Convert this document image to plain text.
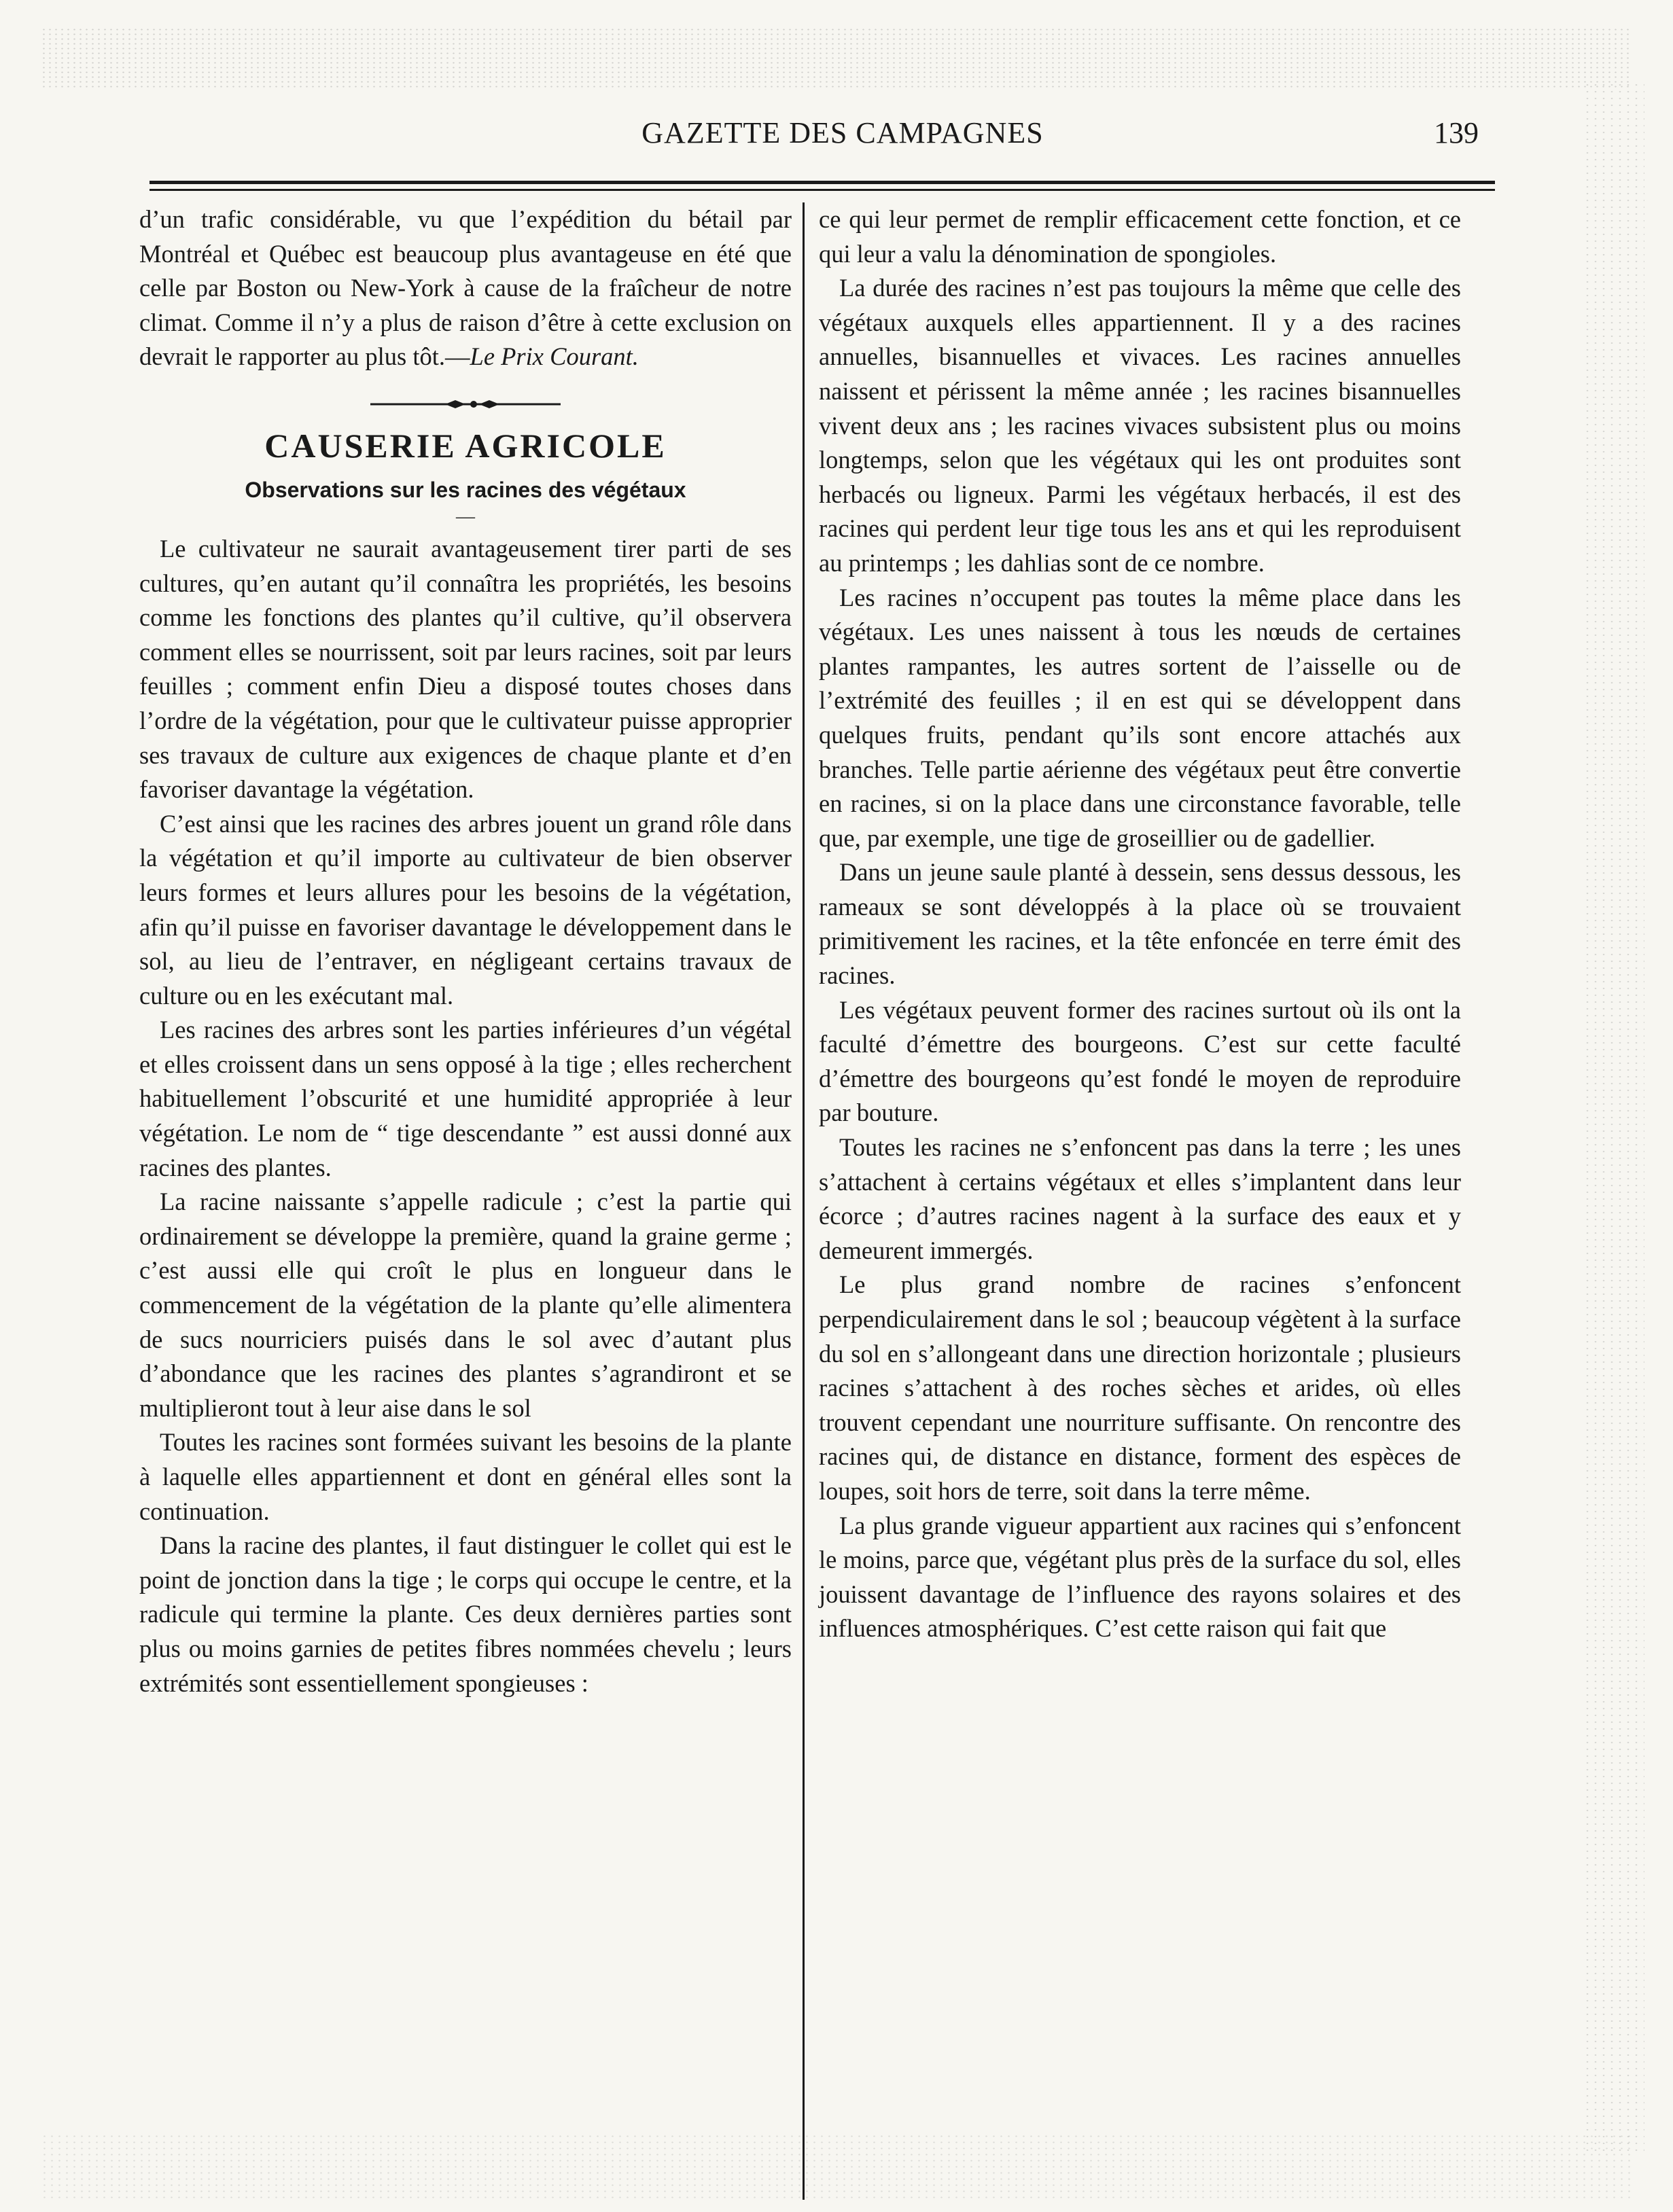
GAZETTE DES CAMPAGNES	139

d’un trafic considérable, vu que l’expédition du bétail par Montréal et Québec est beaucoup plus avantageuse en été que celle par Boston ou New-York à cause de la fraîcheur de notre climat. Comme il n’y a plus de raison d’être à cette exclusion on devrait le rapporter au plus tôt.—Le Prix Courant.

CAUSERIE AGRICOLE
Observations sur les racines des végétaux
—

Le cultivateur ne saurait avantageusement tirer parti de ses cultures, qu’en autant qu’il connaîtra les propriétés, les besoins comme les fonctions des plantes qu’il cultive, qu’il observera comment elles se nourrissent, soit par leurs racines, soit par leurs feuilles ; comment enfin Dieu a disposé toutes choses dans l’ordre de la végétation, pour que le cultivateur puisse approprier ses travaux de culture aux exigences de chaque plante et d’en favoriser davantage la végétation.

C’est ainsi que les racines des arbres jouent un grand rôle dans la végétation et qu’il importe au cultivateur de bien observer leurs formes et leurs allures pour les besoins de la végétation, afin qu’il puisse en favoriser davantage le développement dans le sol, au lieu de l’entraver, en négligeant certains travaux de culture ou en les exécutant mal.

Les racines des arbres sont les parties inférieures d’un végétal et elles croissent dans un sens opposé à la tige ; elles recherchent habituellement l’obscurité et une humidité appropriée à leur végétation. Le nom de “ tige descendante ” est aussi donné aux racines des plantes.

La racine naissante s’appelle radicule ; c’est la partie qui ordinairement se développe la première, quand la graine germe ; c’est aussi elle qui croît le plus en longueur dans le commencement de la végétation de la plante qu’elle alimentera de sucs nourriciers puisés dans le sol avec d’autant plus d’abondance que les racines des plantes s’agrandiront et se multiplieront tout à leur aise dans le sol

Toutes les racines sont formées suivant les besoins de la plante à laquelle elles appartiennent et dont en général elles sont la continuation.

Dans la racine des plantes, il faut distinguer le collet qui est le point de jonction dans la tige ; le corps qui occupe le centre, et la radicule qui termine la plante. Ces deux dernières parties sont plus ou moins garnies de petites fibres nommées chevelu ; leurs extrémités sont essentiellement spongieuses :

ce qui leur permet de remplir efficacement cette fonction, et ce qui leur a valu la dénomination de spongioles.

La durée des racines n’est pas toujours la même que celle des végétaux auxquels elles appartiennent. Il y a des racines annuelles, bisannuelles et vivaces. Les racines annuelles naissent et périssent la même année ; les racines bisannuelles vivent deux ans ; les racines vivaces subsistent plus ou moins longtemps, selon que les végétaux qui les ont produites sont herbacés ou ligneux. Parmi les végétaux herbacés, il est des racines qui perdent leur tige tous les ans et qui les reproduisent au printemps ; les dahlias sont de ce nombre.

Les racines n’occupent pas toutes la même place dans les végétaux. Les unes naissent à tous les nœuds de certaines plantes rampantes, les autres sortent de l’aisselle ou de l’extrémité des feuilles ; il en est qui se développent dans quelques fruits, pendant qu’ils sont encore attachés aux branches. Telle partie aérienne des végétaux peut être convertie en racines, si on la place dans une circonstance favorable, telle que, par exemple, une tige de groseillier ou de gadellier.

Dans un jeune saule planté à dessein, sens dessus dessous, les rameaux se sont développés à la place où se trouvaient primitivement les racines, et la tête enfoncée en terre émit des racines.

Les végétaux peuvent former des racines surtout où ils ont la faculté d’émettre des bourgeons. C’est sur cette faculté d’émettre des bourgeons qu’est fondé le moyen de reproduire par bouture.

Toutes les racines ne s’enfoncent pas dans la terre ; les unes s’attachent à certains végétaux et elles s’implantent dans leur écorce ; d’autres racines nagent à la surface des eaux et y demeurent immergés.

Le plus grand nombre de racines s’enfoncent perpendiculairement dans le sol ; beaucoup végètent à la surface du sol en s’allongeant dans une direction horizontale ; plusieurs racines s’attachent à des roches sèches et arides, où elles trouvent cependant une nourriture suffisante. On rencontre des racines qui, de distance en distance, forment des espèces de loupes, soit hors de terre, soit dans la terre même.

La plus grande vigueur appartient aux racines qui s’enfoncent le moins, parce que, végétant plus près de la surface du sol, elles jouissent davantage de l’influence des rayons solaires et des influences atmosphériques. C’est cette raison qui fait que
